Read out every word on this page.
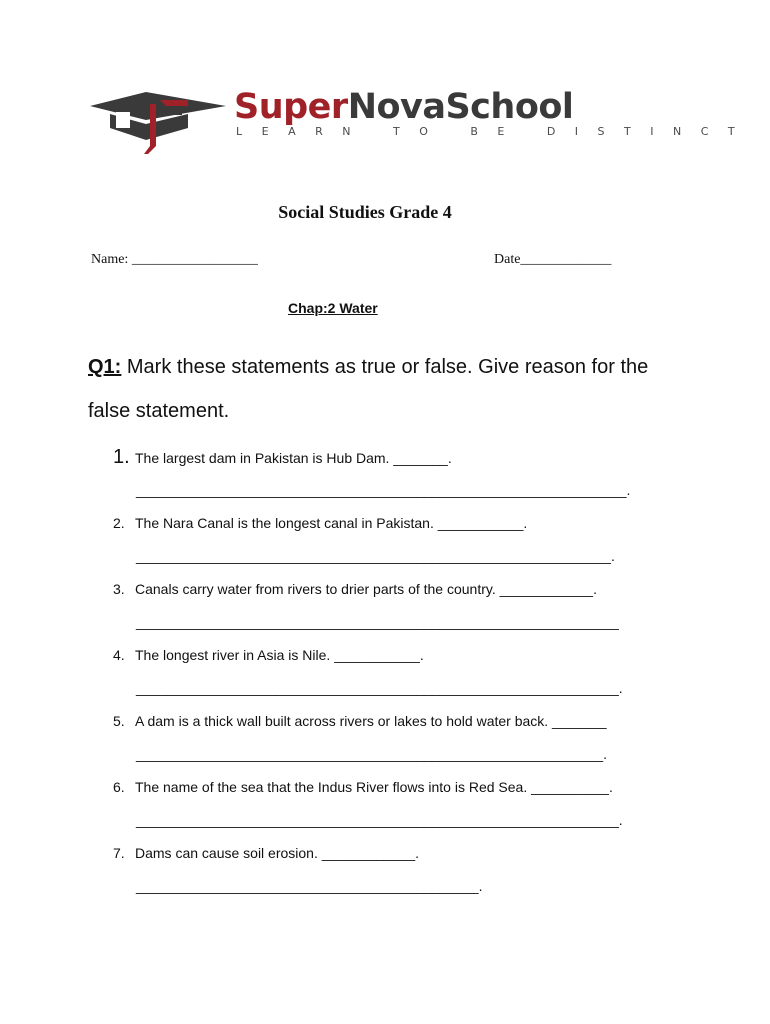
SuperNovaSchool
LEARN TO BE DISTINCT
Social Studies Grade 4
Name: __________________	Date_____________
Chap:2 Water
Q1: Mark these statements as true or false. Give reason for the false statement.
1. The largest dam in Pakistan is Hub Dam. _______.
_______________________________________________________________.
2. The Nara Canal is the longest canal in Pakistan. ___________.
_____________________________________________________________.
3. Canals carry water from rivers to drier parts of the country. ____________.
______________________________________________________________
4. The longest river in Asia is Nile. ___________.
______________________________________________________________.
5. A dam is a thick wall built across rivers or lakes to hold water back. _______
____________________________________________________________.
6. The name of the sea that the Indus River flows into is Red Sea. __________.
______________________________________________________________.
7. Dams can cause soil erosion. ____________.
____________________________________________.
